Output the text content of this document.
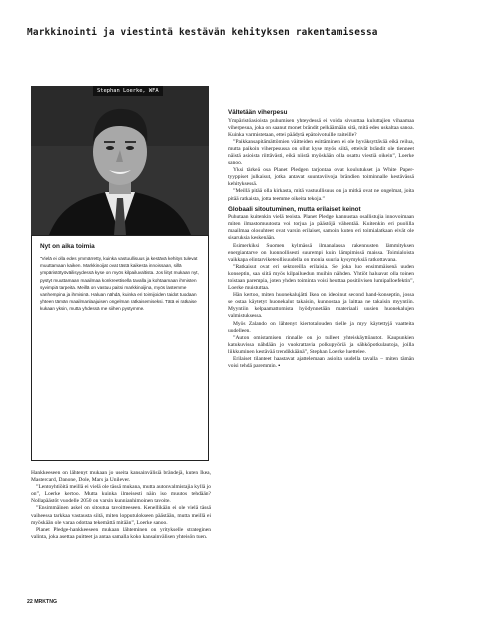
Markkinointi ja viestintä kestävän kehityksen rakentamisessa
Stephan Loerke, WFA

Nyt on aika toimia

”Vielä ei olla edes ymmärretty, kuinka vastuullisuus ja kestävä kehitys tulevat muuttamaan kaiken. Markkinoijat ovat tästä kaikesta innoissaan, sillä ympäristötyöväilisyydessä kyse on myös kilpailuvaltista. Jos liityt mukaan nyt, pystyt muuttamaan maailmaa konkreettisella tavalla ja kohtaamaan ihmisten syvimpiä tarpeita. Meillä on vastuu paitsi markkinoijina, myös lastemme vanhempina ja ihmisinä. Haluan nähdä, kuinka eri toimijoiden taidot tuodaan yhteen tämän maailmanlaajuisen ongelman ratkaisemiseksi. Tätä ei ratkaise kukaan yksin, mutta yhdessä me siihen pystymme.

Hankkeeseen on lähtenyt mukaan jo useita kansainvälisiä brändejä, kuten Ikea, Mastercard, Danone, Dole, Mars ja Unilever.

”Lentoyhtiöitä meillä ei vielä ole tässä mukana, mutta autonvalmistajia kyllä jo on”, Loerke kertoo. Mutta kuinka ilmeisesti näin iso muutos tehdään? Nollapäästöt vuodelle 2050 on varsin kunnianhimoinen tavoite.

”Ensimmäinen askel on sitoutua tavoitteeseen. Kenellikään ei ole vielä tässä vaiheessa tarkkaa vastausta siitä, miten lopputulokseen päästään, mutta meillä ei myöskään ole varaa odottaa tekemättä mitään”, Loerke sanoo.

Planet Pledge-hankkeeseen mukaan lähteminen on yritykselle strateginen valinta, joka asettaa puitteet ja antaa samalla koko kansainvälisen yhteisön tuen.

Vältetään viherpesu

Ympäristöasioista puhumisen yhteydessä ei voida sivuuttaa kuluttajien vihaamaa viherpesua, joka on saanut monet brändit pelkäämään sitä, mitä edes uskaltaa sanoa. Kuinka varmistetaan, ettei päädytä epätoivotuille raiteille?

”Paikkansapitämättömien väitteiden esittäminen ei ole hyväksyttävää eikä reilua, mutta paikoin viherpesussa on ollut kyse myös siitä, etteivät brändit ole tienneet näistä asioista riittävästi, eikä niistä myöskään olla osattu viestiä oikein”, Loerke sanoo.

Yksi tärkeä osa Planet Pledgen tarjontaa ovat koulutukset ja White Paper-tyyppiset julkaisut, jotka antavat suuntaviivoja brändien toiminnalle kestävässä kehityksessä.

”Meillä pitää olla kirkasta, mitä vastuullisuus on ja mitkä ovat ne ongelmat, joita pitää ratkaista, jotta teemme oikeita tekoja.”

Globaali sitoutuminen, mutta erilaiset keinot

Puhutaan kuitenkin vielä teoista. Planet Pledge kannustaa osallistujia innovoimaan miten ilmastomuutosta voi torjua ja päästöjä vähentää. Kuitenkin eri puolilla maailmaa olosuhteet ovat varsin erilaiset, samoin kuten eri toimialatkaan eivät ole sisaruksia keskenään.

Esimerkiksi Suomen kylmässä ilmanalassa rakennusten lämmityksen energiantarve on luonnollisesti suurempi kuin lämpimissä maissa. Toimialoista vaikkapa elintarviketeollisuudella on monia suuria kysymyksiä ratkottavana.

”Ratkaisut ovat eri sektoreilla erilaisia. Se joka luo ensimmäisenä uuden konseptin, saa siitä myös kilpailuedun muihin nähden. Yhtiöt haluavat olla toinen toistaan parempia, joten yhden toiminta voisi heuttaa positiivisen lumipalloefektin”, Loerke muistuttaa.

Hän kertoo, miten huonekalujätti Ikea on ideoinut second hand-konseptin, jossa se ostaa käytetyt huonekalut takaisin, kunnostaa ja laittaa ne takaisin myyntiin. Myyntiin kelpaamattomista hyödynnetään materiaali uusien huonekalujen valmistuksessa.

Myös Zalando on lähtenyt kiertotalouden tielle ja myy käytettyjä vaatteita uudelleen.

”Auton omistamisen rinnalle on jo tulleet yhteiskäyttöautot. Kaupunkien katukuvissa nähdään jo vuokrattavia polkupyöriä ja sähköpotkulautoja, joilla liikkuminen kestävää trendikkäänä”, Stephan Loerke luettelee.

Erilaiset tilanteet haastavat ajattelemaan asioita uudella tavalla – miten tämän voisi tehdä paremmin. ▪

22 MRKTNG
